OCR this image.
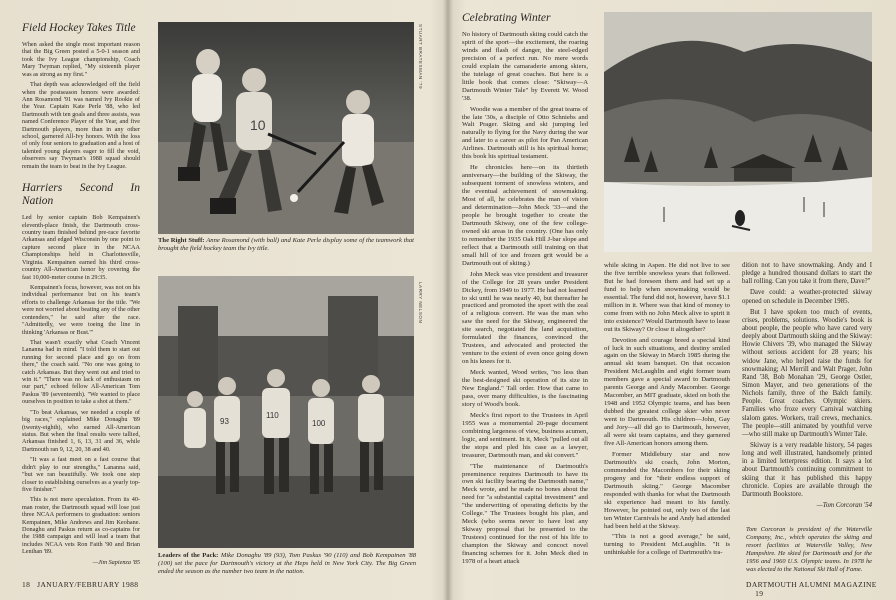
Field Hockey Takes Title

When asked the single most important reason that the Big Green posted a 5-0-1 season and took the Ivy League championship, Coach Mary Twyman replied, "My sixteenth player was as strong as my first."

That depth was acknowledged off the field when the postseason honors were awarded: Ann Rosamond '91 was named Ivy Rookie of the Year. Captain Kate Perle '88, who led Dartmouth with ten goals and three assists, was named Conference Player of the Year, and five Dartmouth players, more than in any other school, garnered All-Ivy honors. With the loss of only four seniors to graduation and a host of talented young players eager to fill the void, observers say Twyman's 1988 squad should remain the team to beat in the Ivy League.

Harriers Second In Nation

Led by senior captain Bob Kempainen's eleventh-place finish, the Dartmouth cross-country team finished behind pre-race favorite Arkansas and edged Wisconsin by one point to capture second place in the NCAA Championships held in Charlottesville, Virginia. Kempainen earned his third cross-country All-American honor by covering the fast 10,000-meter course in 29:35.

Kempainen's focus, however, was not on his individual performance but on his team's efforts to challenge Arkansas for the title. "We were not worried about beating any of the other contenders," he said after the race. "Admittedly, we were toeing the line in thinking 'Arkansas or Bust.'"

That wasn't exactly what Coach Vincent Lananna had in mind. "I told them to start out running for second place and go on from there," the coach said. "No one was going to catch Arkansas. But they went out and tried to win it." "There was no lack of enthusiasm on our part," echoed fellow All-American Tom Paskus '89 (seventeenth). "We wanted to place ourselves in position to take a shot at them."

"To beat Arkansas, we needed a couple of big races," explained Mike Donaghu '89 (twenty-eighth), who earned All-American status. But when the final results were tallied, Arkansas finished 1, 6, 13, 31 and 36, while Dartmouth ran 9, 12, 20, 38 and 40.

"It was a fast meet on a fast course that didn't play to our strengths," Lananna said, "but we ran beautifully. We took one step closer to establishing ourselves as a yearly top-five finisher."

This is not mere speculation. From its 40-man roster, the Dartmouth squad will lose just three NCAA performers to graduation: seniors Kempainen, Mike Andrews and Jim Keohane. Donaghu and Paskus return as co-captains for the 1988 campaign and will lead a team that includes NCAA vets Ron Faith '90 and Brian Lenihan '89.

—Jim Sapienza '85

10
STUART BRATESMAN '79
The Right Stuff: Anne Rosamond (with ball) and Kate Perle display some of the teamwork that brought the field hockey team the Ivy title.
93
110
100
LARRY NELSON
Leaders of the Pack: Mike Donaghu '89 (93), Tom Paskus '90 (110) and Bob Kempainen '88 (100) set the pace for Dartmouth's victory at the Heps held in New York City. The Big Green ended the season as the number two team in the nation.
18 JANUARY/FEBRUARY 1988
Celebrating Winter

No history of Dartmouth skiing could catch the spirit of the sport—the excitement, the roaring winds and flash of danger, the steel-edged precision of a perfect run. No mere words could explain the camaraderie among skiers, the tutelage of great coaches. But here is a little book that comes close: "Skiway—A Dartmouth Winter Tale" by Everett W. Wood '38.

Woodie was a member of the great teams of the late '30s, a disciple of Otto Schniebs and Walt Prager. Skiing and ski jumping led naturally to flying for the Navy during the war and later to a career as pilot for Pan American Airlines. Dartmouth still is his spiritual home; this book his spiritual testament.

He chronicles here—on its thirtieth anniversary—the building of the Skiway, the subsequent torment of snowless winters, and the eventual achievement of snowmaking. Most of all, he celebrates the man of vision and determination—John Meck '33—and the people he brought together to create the Dartmouth Skiway, one of the few college-owned ski areas in the country. (One has only to remember the 1935 Oak Hill J-bar slope and reflect that a Dartmouth still training on that small hill of ice and frozen grit would be a Dartmouth out of skiing.)

John Meck was vice president and treasurer of the College for 28 years under President Dickey, from 1949 to 1977. He had not learned to ski until he was nearly 40, but thereafter he practiced and promoted the sport with the zeal of a religious convert. He was the man who saw the need for the Skiway, engineered the site search, negotiated the land acquisition, formulated the finances, convinced the Trustees, and advocated and protected the venture to the extent of even once going down on his knees for it.

Meck wanted, Wood writes, "no less than the best-designed ski operation of its size in New England." Tall order. How that came to pass, over many difficulties, is the fascinating story of Wood's book.

Meck's first report to the Trustees in April 1955 was a monumental 20-page document combining largeness of view, business acumen, logic, and sentiment. In it, Meck "pulled out all the stops and pled his case as a lawyer, treasurer, Dartmouth man, and ski convert."

"The maintenance of Dartmouth's preeminence requires Dartmouth to have its own ski facility bearing the Dartmouth name," Meck wrote, and he made no bones about the need for "a substantial capital investment" and "the underwriting of operating deficits by the College." The Trustees bought his plan, and Meck (who seems never to have lost any Skiway proposal that he presented to the Trustees) continued for the rest of his life to champion the Skiway and concoct novel financing schemes for it. John Meck died in 1978 of a heart attack

while skiing in Aspen. He did not live to see the five terrible snowless years that followed. But he had foreseen them and had set up a fund to help when snowmaking would be essential. The fund did not, however, have $1.1 million in it. Where was that kind of money to come from with no John Meck alive to spirit it into existence? Would Dartmouth have to lease out its Skiway? Or close it altogether?

Devotion and courage breed a special kind of luck in such situations, and destiny smiled again on the Skiway in March 1985 during the annual ski team banquet. On that occasion President McLaughlin and eight former team members gave a special award to Dartmouth parents George and Andy Macomber. George Macomber, an MIT graduate, skied on both the 1948 and 1952 Olympic teams, and has been dubbed the greatest college skier who never went to Dartmouth. His children—John, Gay and Jory—all did go to Dartmouth, however, all were ski team captains, and they garnered five All-American honors among them.

Former Middlebury star and now Dartmouth's ski coach, John Morton, commended the Macombers for their skiing progeny and for "their endless support of Dartmouth skiing." George Macomber responded with thanks for what the Dartmouth ski experience had meant to his family. However, he pointed out, only two of the last ten Winter Carnivals he and Andy had attended had been held at the Skiway.

"This is not a good average," he said, turning to President McLaughlin. "It is unthinkable for a college of Dartmouth's tra-

dition not to have snowmaking. Andy and I pledge a hundred thousand dollars to start the ball rolling. Can you take it from there, Dave?"

Dave could: a weather-protected skiway opened on schedule in December 1985.

But I have spoken too much of events, crises, problems, solutions. Woodie's book is about people, the people who have cared very deeply about Dartmouth skiing and the Skiway: Howie Chivers '39, who managed the Skiway without serious accident for 28 years; his widow Jane, who helped raise the funds for snowmaking; Al Merrill and Walt Prager, John Rand '38, Bob Monahan '29, George Ostler, Simon Mayer, and two generations of the Nichols family, three of the Balch family. People. Great coaches. Olympic skiers. Families who froze every Carnival watching slalom gates. Workers, trail crews, mechanics. The people—still animated by youthful verve—who still make up Dartmouth's Winter Tale.

Skiway is a very readable history, 54 pages long and well illustrated, handsomely printed in a limited letterpress edition. It says a lot about Dartmouth's continuing commitment to skiing that it has published this happy chronicle. Copies are available through the Dartmouth Bookstore.

—Tom Corcoran '54

Tom Corcoran is president of the Waterville Company, Inc., which operates the skiing and resort facilities at Waterville Valley, New Hampshire. He skied for Dartmouth and for the 1956 and 1960 U.S. Olympic teams. In 1978 he was elected to the National Ski Hall of Fame.
DARTMOUTH ALUMNI MAGAZINE     19
